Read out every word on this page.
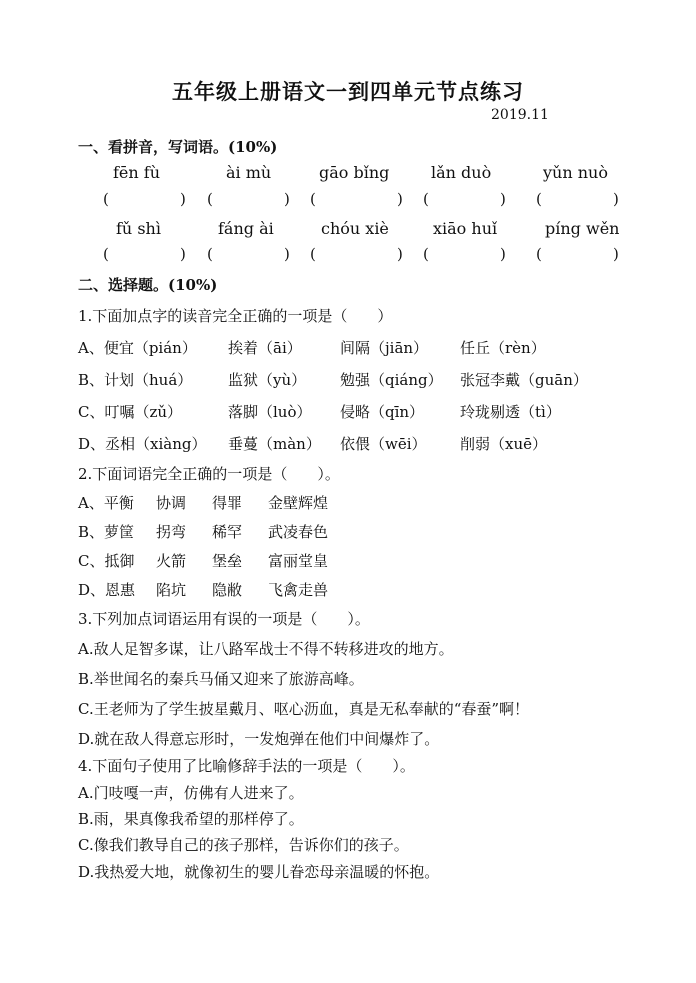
五年级上册语文一到四单元节点练习
2019.11
一、看拼音，写词语。(10%)
fēn fù	ài mù	gāo bǐng	lǎn duò	yǔn nuò
(	) (	) (	) (	) (	)
fǔ shì	fáng ài	chóu xiè	xiāo huǐ	píng wěn
(	) (	) (	) (	) (	)
二、选择题。(10%)
1.下面加点字的读音完全正确的一项是（　　）
A、便宜（pián） 挨着（āi）	间隔（jiān） 任丘（rèn）
B、计划（huá） 监狱（yù） 勉强（qiáng） 张冠李戴（guān）
C、叮嘱（zǔ）	落脚（luò） 侵略（qīn） 玲珑剔透（tì）
D、丞相（xiàng） 垂蔓（màn） 依偎（wēi） 削弱（xuē）
2.下面词语完全正确的一项是（　　）。
A、平衡 协调 得罪 金壁辉煌
B、萝筐 拐弯 稀罕 武凌春色
C、抵御 火箭 堡垒 富丽堂皇
D、恩惠 陷坑 隐敝 飞禽走兽
3.下列加点词语运用有误的一项是（　　）。
A.敌人足智多谋，让八路军战士不得不转移进攻的地方。
B.举世闻名的秦兵马俑又迎来了旅游高峰。
C.王老师为了学生披星戴月、呕心沥血，真是无私奉献的“春蚕”啊！
D.就在敌人得意忘形时，一发炮弹在他们中间爆炸了。
4.下面句子使用了比喻修辞手法的一项是（　　）。
A.门吱嘎一声，仿佛有人进来了。
B.雨，果真像我希望的那样停了。
C.像我们教导自己的孩子那样，告诉你们的孩子。
D.我热爱大地，就像初生的婴儿眷恋母亲温暖的怀抱。
